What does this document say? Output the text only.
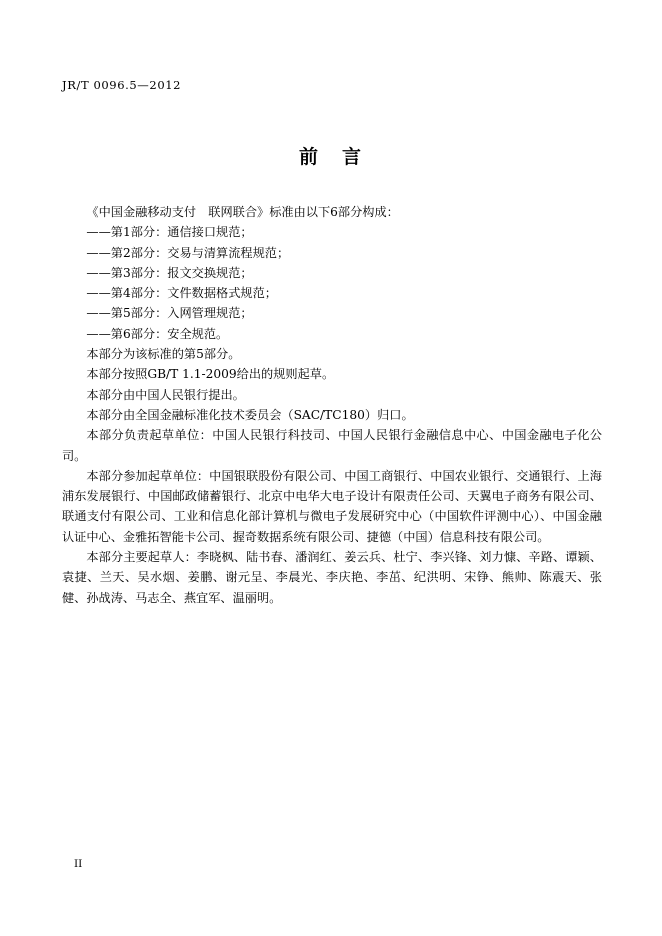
JR/T 0096.5—2012
前 言

《中国金融移动支付　联网联合》标准由以下6部分构成：

——第1部分：通信接口规范；

——第2部分：交易与清算流程规范；

——第3部分：报文交换规范；

——第4部分：文件数据格式规范；

——第5部分：入网管理规范；

——第6部分：安全规范。

本部分为该标准的第5部分。

本部分按照GB/T 1.1-2009给出的规则起草。

本部分由中国人民银行提出。

本部分由全国金融标准化技术委员会（SAC/TC180）归口。

本部分负责起草单位：中国人民银行科技司、中国人民银行金融信息中心、中国金融电子化公司。

本部分参加起草单位：中国银联股份有限公司、中国工商银行、中国农业银行、交通银行、上海浦东发展银行、中国邮政储蓄银行、北京中电华大电子设计有限责任公司、天翼电子商务有限公司、联通支付有限公司、工业和信息化部计算机与微电子发展研究中心（中国软件评测中心）、中国金融认证中心、金雅拓智能卡公司、握奇数据系统有限公司、捷德（中国）信息科技有限公司。

本部分主要起草人：李晓枫、陆书春、潘润红、姜云兵、杜宁、李兴锋、刘力慷、辛路、谭颖、袁捷、兰天、吴水烟、姜鹏、谢元呈、李晨光、李庆艳、李茁、纪洪明、宋铮、熊帅、陈震天、张健、孙战涛、马志全、燕宜军、温丽明。

II
